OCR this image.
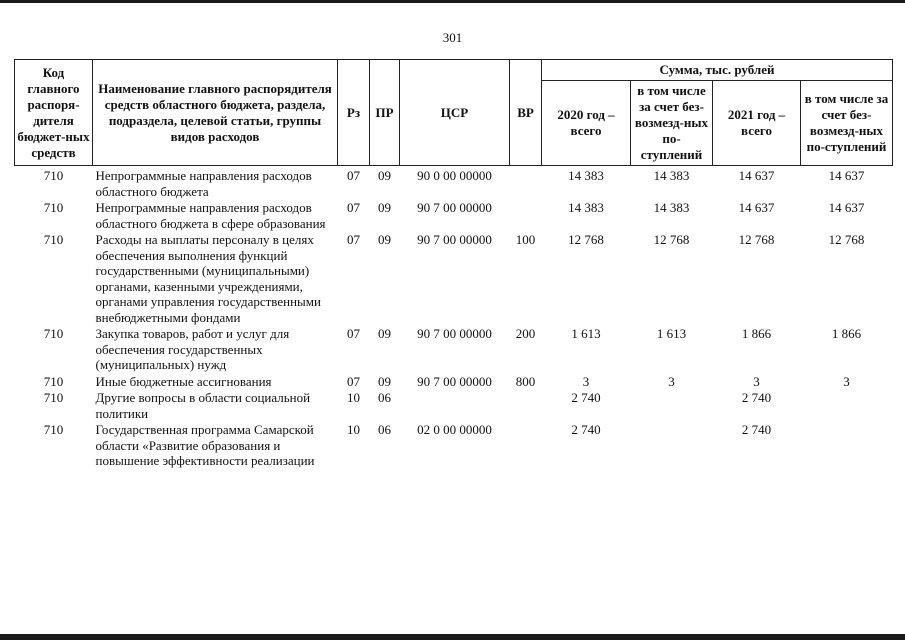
301
Код главного распоря-дителя бюджет-ных средств	Наименование главного распорядителя средств областного бюджета, раздела, подраздела, целевой статьи, группы видов расходов	Рз	ПР	ЦСР	ВР	Сумма, тыс. рублей			
						2020 год – всего	в том числе за счет без-возмезд-ных по-ступлений	2021 год – всего	в том числе за счет без-возмезд-ных по-ступлений
710	Непрограммные направления расходов областного бюджета	07	09	90 0 00 00000		14 383	14 383	14 637	14 637
710	Непрограммные направления расходов областного бюджета в сфере образования	07	09	90 7 00 00000		14 383	14 383	14 637	14 637
710	Расходы на выплаты персоналу в целях обеспечения выполнения функций государственными (муниципальными) органами, казенными учреждениями, органами управления государственными внебюджетными фондами	07	09	90 7 00 00000	100	12 768	12 768	12 768	12 768
710	Закупка товаров, работ и услуг для обеспечения государственных (муниципальных) нужд	07	09	90 7 00 00000	200	1 613	1 613	1 866	1 866
710	Иные бюджетные ассигнования	07	09	90 7 00 00000	800	3	3	3	3
710	Другие вопросы в области социальной политики	10	06			2 740		2 740	
710	Государственная программа Самарской области «Развитие образования и повышение эффективности реализации	10	06	02 0 00 00000		2 740		2 740	
